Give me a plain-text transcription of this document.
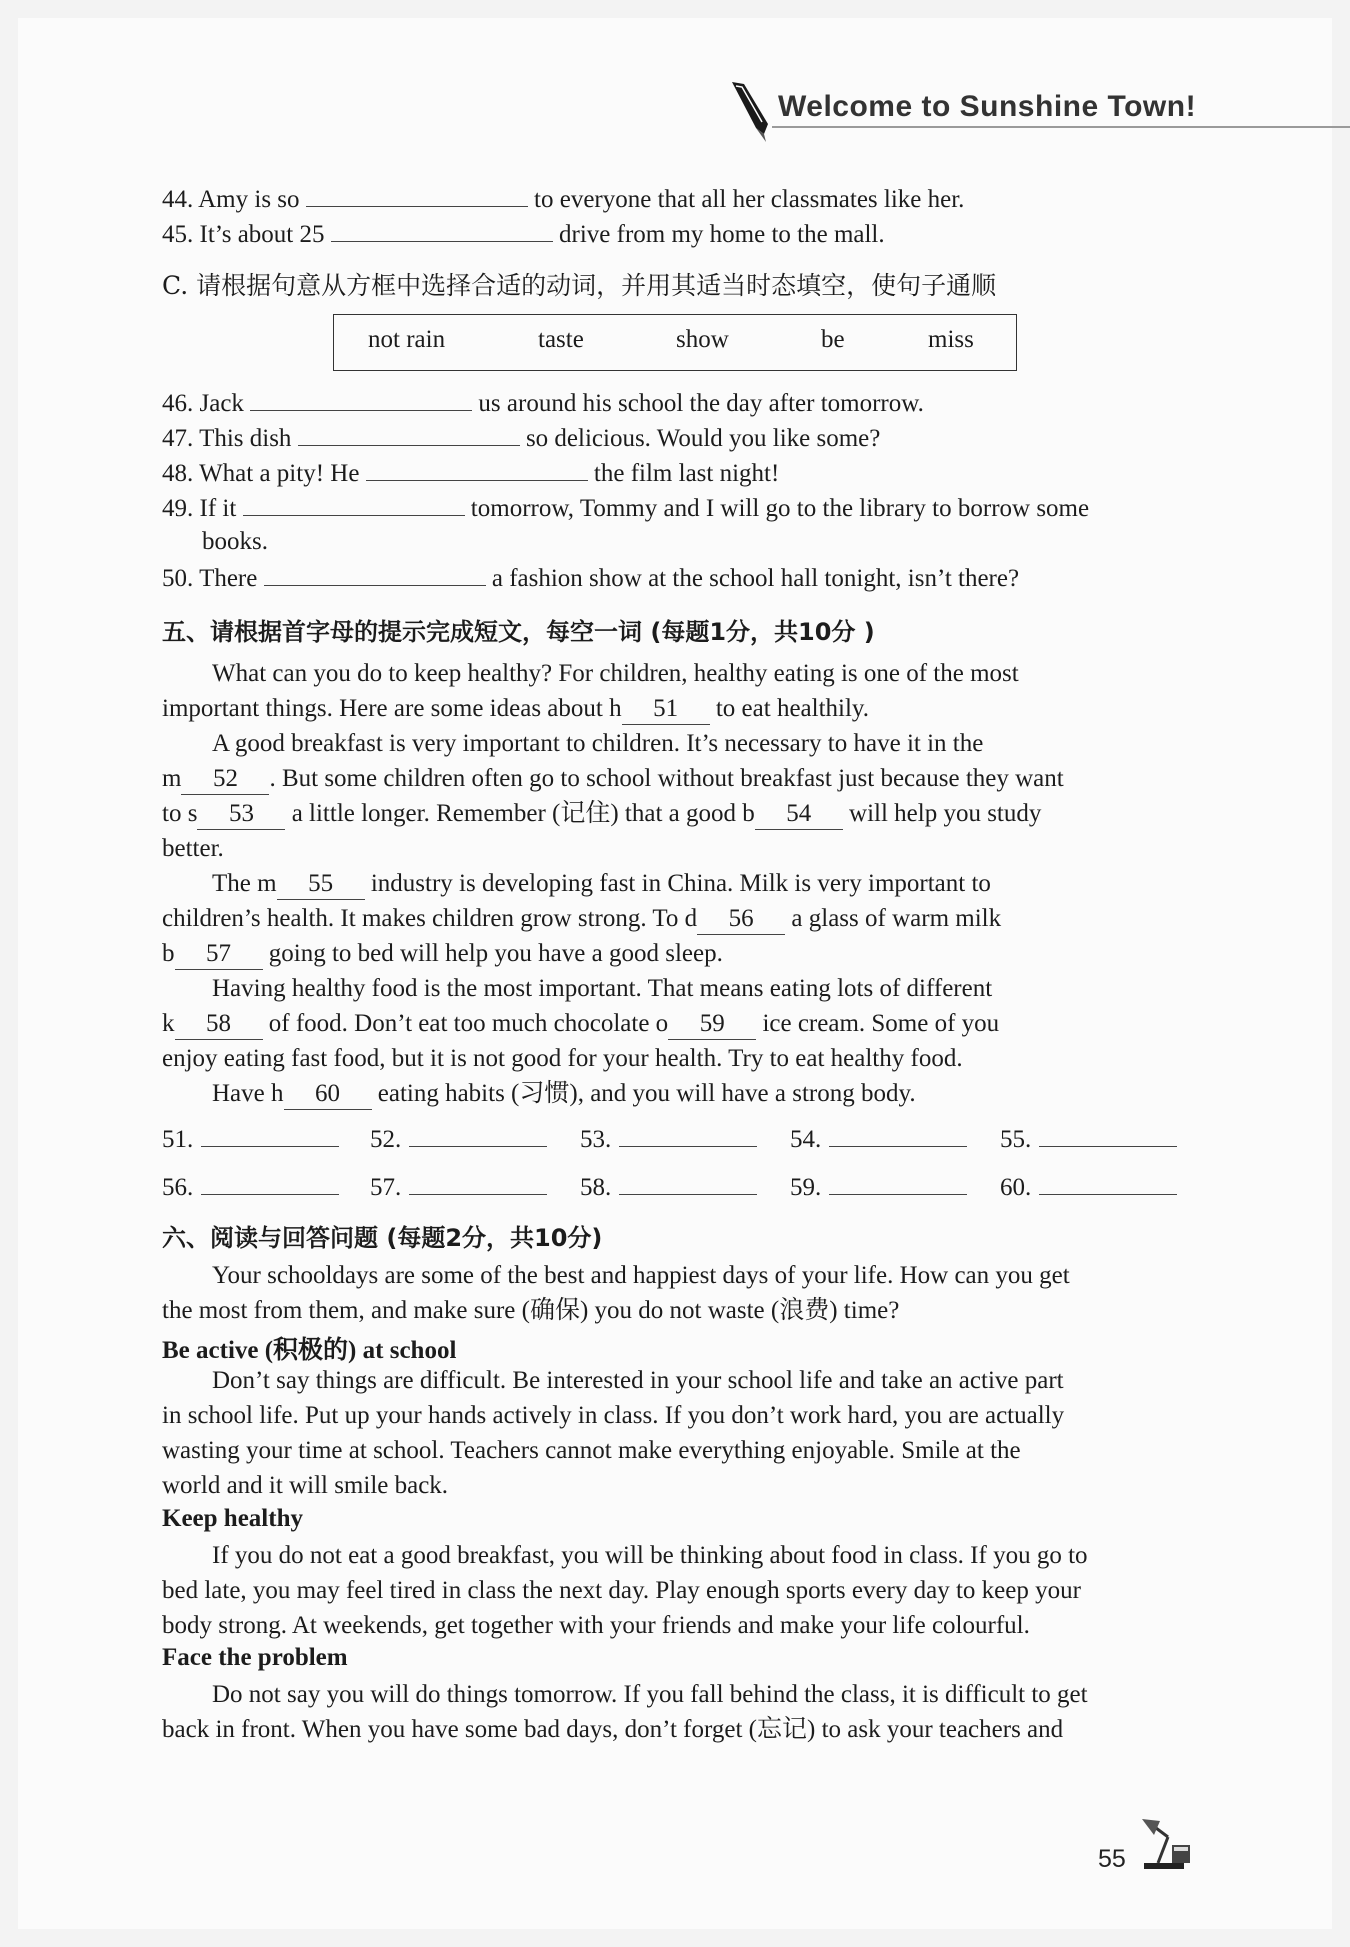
Welcome to Sunshine Town!
44. Amy is so	to everyone that all her classmates like her.
45. It’s about 25	drive from my home to the mall.
C. 请根据句意从方框中选择合适的动词，并用其适当时态填空，使句子通顺
not rain	taste	show	be	miss
46. Jack	us around his school the day after tomorrow.
47. This dish	so delicious. Would you like some?
48. What a pity! He	the film last night!
49. If it	tomorrow, Tommy and I will go to the library to borrow some
books.
50. There	a fashion show at the school hall tonight, isn’t there?
五、请根据首字母的提示完成短文，每空一词 (每题1分，共10分 )
What can you do to keep healthy? For children, healthy eating is one of the most
important things. Here are some ideas about h 51 to eat healthily.
A good breakfast is very important to children. It’s necessary to have it in the
m 52 . But some children often go to school without breakfast just because they want
to s 53 a little longer. Remember (记住) that a good b 54 will help you study
better.
The m 55 industry is developing fast in China. Milk is very important to
children’s health. It makes children grow strong. To d 56 a glass of warm milk
b 57 going to bed will help you have a good sleep.
Having healthy food is the most important. That means eating lots of different
k 58 of food. Don’t eat too much chocolate o 59 ice cream. Some of you
enjoy eating fast food, but it is not good for your health. Try to eat healthy food.
Have h 60 eating habits (习惯), and you will have a strong body.
51.	52.	53.	54.	55.
56.	57.	58.	59.	60.
六、阅读与回答问题 (每题2分，共10分)
Your schooldays are some of the best and happiest days of your life. How can you get
the most from them, and make sure (确保) you do not waste (浪费) time?
Be active (积极的) at school
Don’t say things are difficult. Be interested in your school life and take an active part
in school life. Put up your hands actively in class. If you don’t work hard, you are actually
wasting your time at school. Teachers cannot make everything enjoyable. Smile at the
world and it will smile back.
Keep healthy
If you do not eat a good breakfast, you will be thinking about food in class. If you go to
bed late, you may feel tired in class the next day. Play enough sports every day to keep your
body strong. At weekends, get together with your friends and make your life colourful.
Face the problem
Do not say you will do things tomorrow. If you fall behind the class, it is difficult to get
back in front. When you have some bad days, don’t forget (忘记) to ask your teachers and
55
